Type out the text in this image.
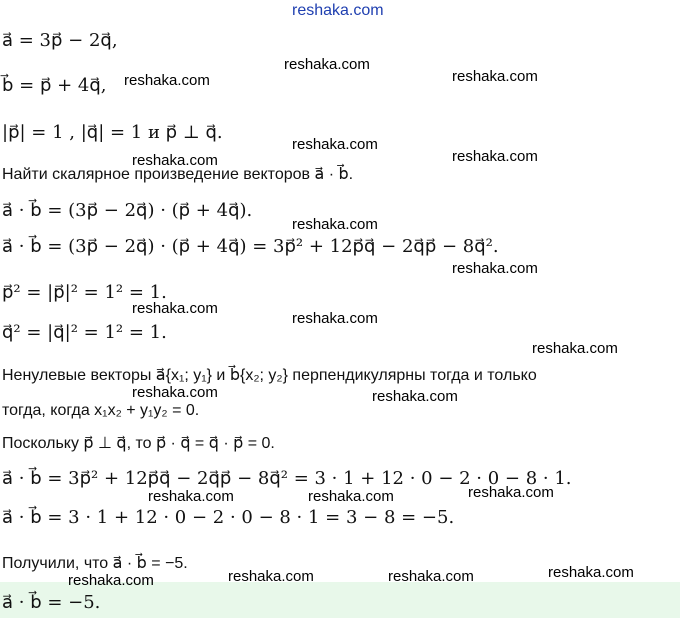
reshaka.com
a⃗ = 3p⃗ − 2q⃗,
b⃗ = p⃗ + 4q⃗,
|p⃗| = 1 , |q⃗| = 1 и p⃗ ⊥ q⃗.
Найти скалярное произведение векторов a⃗ · b⃗.
a⃗ · b⃗ = (3p⃗ − 2q⃗) · (p⃗ + 4q⃗).
a⃗ · b⃗ = (3p⃗ − 2q⃗) · (p⃗ + 4q⃗) = 3p⃗² + 12p⃗q⃗ − 2q⃗p⃗ − 8q⃗².
p⃗² = |p⃗|² = 1² = 1.
q⃗² = |q⃗|² = 1² = 1.
Ненулевые векторы a⃗{x₁; y₁} и b⃗{x₂; y₂} перпендикулярны тогда и только
тогда, когда x₁x₂ + y₁y₂ = 0.
Поскольку p⃗ ⊥ q⃗, то p⃗ · q⃗ = q⃗ · p⃗ = 0.
a⃗ · b⃗ = 3p⃗² + 12p⃗q⃗ − 2q⃗p⃗ − 8q⃗² = 3 · 1 + 12 · 0 − 2 · 0 − 8 · 1.
a⃗ · b⃗ = 3 · 1 + 12 · 0 − 2 · 0 − 8 · 1 = 3 − 8 = −5.
Получили, что a⃗ · b⃗ = −5.
a⃗ · b⃗ = −5.
reshaka.com
reshaka.com
reshaka.com
reshaka.com
reshaka.com
reshaka.com
reshaka.com
reshaka.com
reshaka.com
reshaka.com
reshaka.com
reshaka.com	reshaka.com
reshaka.com	reshaka.com	reshaka.com
reshaka.com	reshaka.com	reshaka.com	reshaka.com
